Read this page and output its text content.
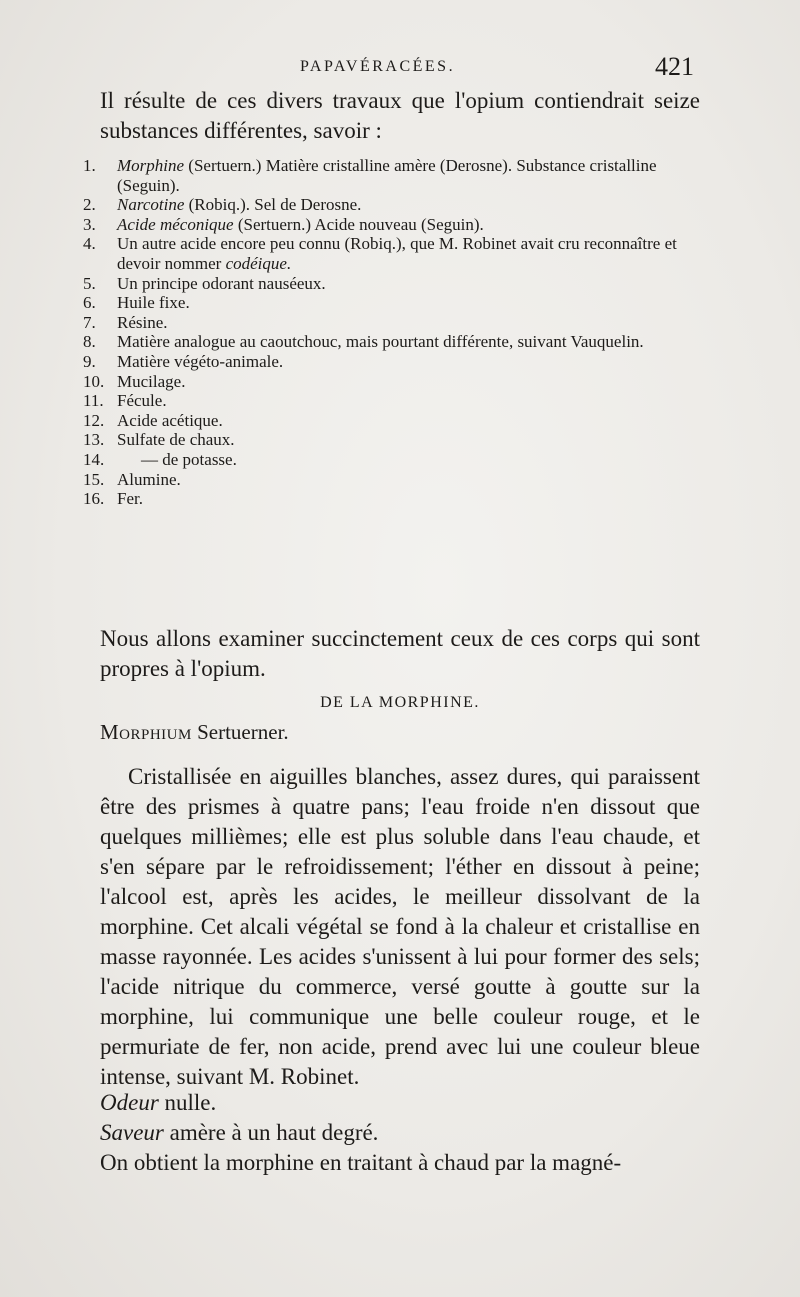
PAPAVÉRACÉES.	421
Il résulte de ces divers travaux que l'opium contiendrait seize substances différentes, savoir :

1.	Morphine (Sertuern.) Matière cristalline amère (Derosne). Substance cristalline (Seguin).

2.	Narcotine (Robiq.). Sel de Derosne.

3.	Acide méconique (Sertuern.) Acide nouveau (Seguin).

4.	Un autre acide encore peu connu (Robiq.), que M. Robinet avait cru reconnaître et devoir nommer codéique.

5.	Un principe odorant nauséeux.

6.	Huile fixe.

7.	Résine.

8.	Matière analogue au caoutchouc, mais pourtant différente, suivant Vauquelin.

9.	Matière végéto-animale.

10. Mucilage.

11. Fécule.

12. Acide acétique.

13. Sulfate de chaux.

14.	— de potasse.

15. Alumine.

16. Fer.

Nous allons examiner succinctement ceux de ces corps qui sont propres à l'opium.
DE LA MORPHINE.
Morphium Sertuerner.

Cristallisée en aiguilles blanches, assez dures, qui paraissent être des prismes à quatre pans; l'eau froide n'en dissout que quelques millièmes; elle est plus soluble dans l'eau chaude, et s'en sépare par le refroidissement; l'éther en dissout à peine; l'alcool est, après les acides, le meilleur dissolvant de la morphine. Cet alcali végétal se fond à la chaleur et cristallise en masse rayonnée. Les acides s'unissent à lui pour former des sels; l'acide nitrique du commerce, versé goutte à goutte sur la morphine, lui communique une belle couleur rouge, et le permuriate de fer, non acide, prend avec lui une couleur bleue intense, suivant M. Robinet.

Odeur nulle.

Saveur amère à un haut degré.

On obtient la morphine en traitant à chaud par la magné-
